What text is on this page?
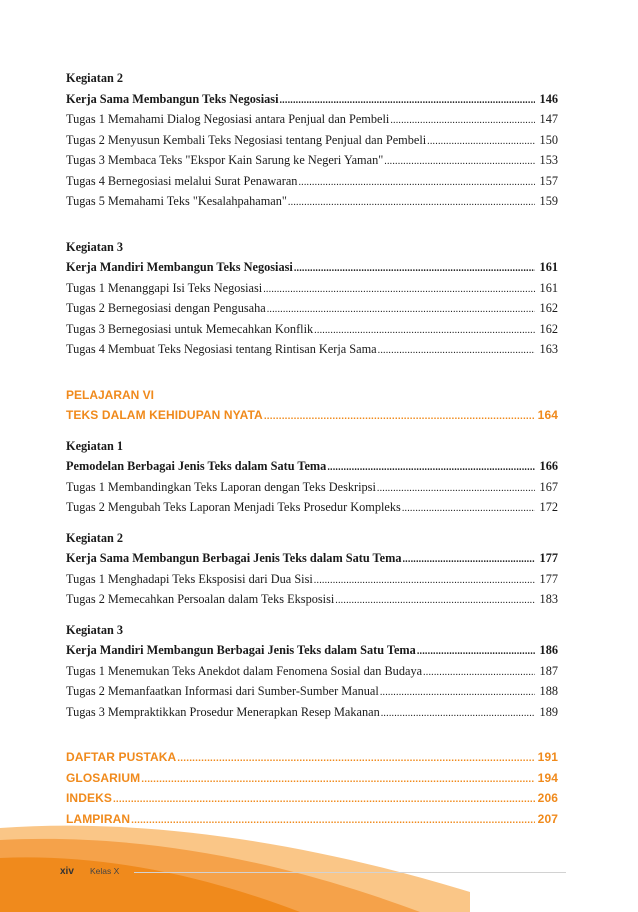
Kegiatan 2
Kerja Sama Membangun Teks Negosiasi .....	146
Tugas 1 Memahami Dialog Negosiasi antara Penjual dan Pembeli .....	147
Tugas 2 Menyusun Kembali Teks Negosiasi tentang Penjual dan Pembeli .....	150
Tugas 3 Membaca Teks "Ekspor Kain Sarung ke Negeri Yaman" .....	153
Tugas 4 Bernegosiasi melalui Surat Penawaran .....	157
Tugas 5 Memahami Teks "Kesalahpahaman" .....	159
Kegiatan 3
Kerja Mandiri Membangun Teks Negosiasi .....	161
Tugas 1 Menanggapi Isi Teks Negosiasi .....	161
Tugas 2 Bernegosiasi dengan Pengusaha .....	162
Tugas 3 Bernegosiasi untuk Memecahkan Konflik .....	162
Tugas 4 Membuat Teks Negosiasi tentang Rintisan Kerja Sama .....	163
PELAJARAN VI
TEKS DALAM KEHIDUPAN NYATA .....	164
Kegiatan 1
Pemodelan Berbagai Jenis Teks dalam Satu Tema .....	166
Tugas 1 Membandingkan Teks Laporan dengan Teks Deskripsi .....	167
Tugas 2 Mengubah Teks Laporan Menjadi Teks Prosedur Kompleks .....	172
Kegiatan 2
Kerja Sama Membangun Berbagai Jenis Teks dalam Satu Tema .....	177
Tugas 1 Menghadapi Teks Eksposisi dari Dua Sisi .....	177
Tugas 2 Memecahkan Persoalan dalam Teks Eksposisi .....	183
Kegiatan 3
Kerja Mandiri Membangun Berbagai Jenis Teks dalam Satu Tema .....	186
Tugas 1 Menemukan Teks Anekdot dalam Fenomena Sosial dan Budaya .....	187
Tugas 2 Memanfaatkan Informasi dari Sumber-Sumber Manual .....	188
Tugas 3 Mempraktikkan Prosedur Menerapkan Resep Makanan .....	189
DAFTAR PUSTAKA .....	191
GLOSARIUM .....	194
INDEKS .....	206
LAMPIRAN .....	207
xiv Kelas X
